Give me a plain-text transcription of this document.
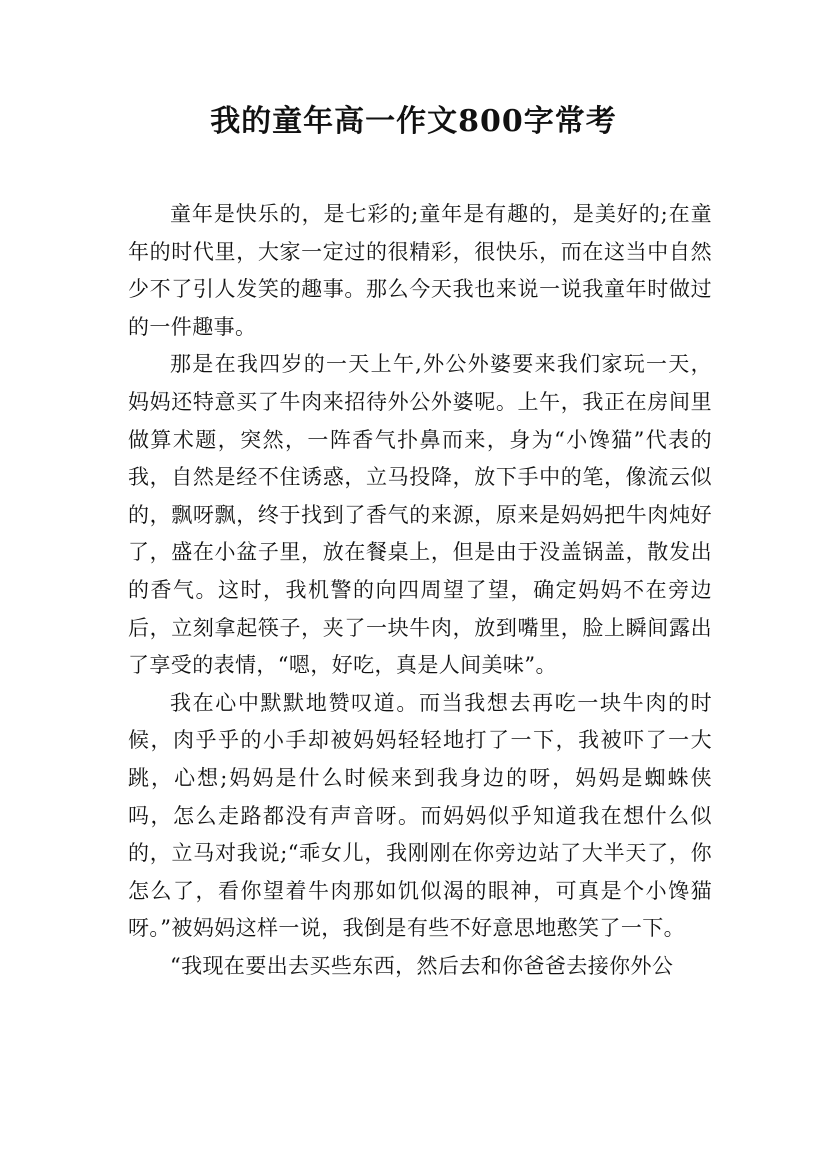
我的童年高一作文800字常考

童年是快乐的，是七彩的;童年是有趣的，是美好的;在童年的时代里，大家一定过的很精彩，很快乐，而在这当中自然少不了引人发笑的趣事。那么今天我也来说一说我童年时做过的一件趣事。

那是在我四岁的一天上午,外公外婆要来我们家玩一天，妈妈还特意买了牛肉来招待外公外婆呢。上午，我正在房间里做算术题，突然，一阵香气扑鼻而来，身为“小馋猫”代表的我，自然是经不住诱惑，立马投降，放下手中的笔，像流云似的，飘呀飘，终于找到了香气的来源，原来是妈妈把牛肉炖好了，盛在小盆子里，放在餐桌上，但是由于没盖锅盖，散发出的香气。这时，我机警的向四周望了望，确定妈妈不在旁边后，立刻拿起筷子，夹了一块牛肉，放到嘴里，脸上瞬间露出了享受的表情，“嗯，好吃，真是人间美味”。

我在心中默默地赞叹道。而当我想去再吃一块牛肉的时候，肉乎乎的小手却被妈妈轻轻地打了一下，我被吓了一大跳，心想;妈妈是什么时候来到我身边的呀，妈妈是蜘蛛侠吗，怎么走路都没有声音呀。而妈妈似乎知道我在想什么似的，立马对我说;“乖女儿，我刚刚在你旁边站了大半天了，你怎么了，看你望着牛肉那如饥似渴的眼神，可真是个小馋猫呀。”被妈妈这样一说，我倒是有些不好意思地憨笑了一下。

“我现在要出去买些东西，然后去和你爸爸去接你外公
